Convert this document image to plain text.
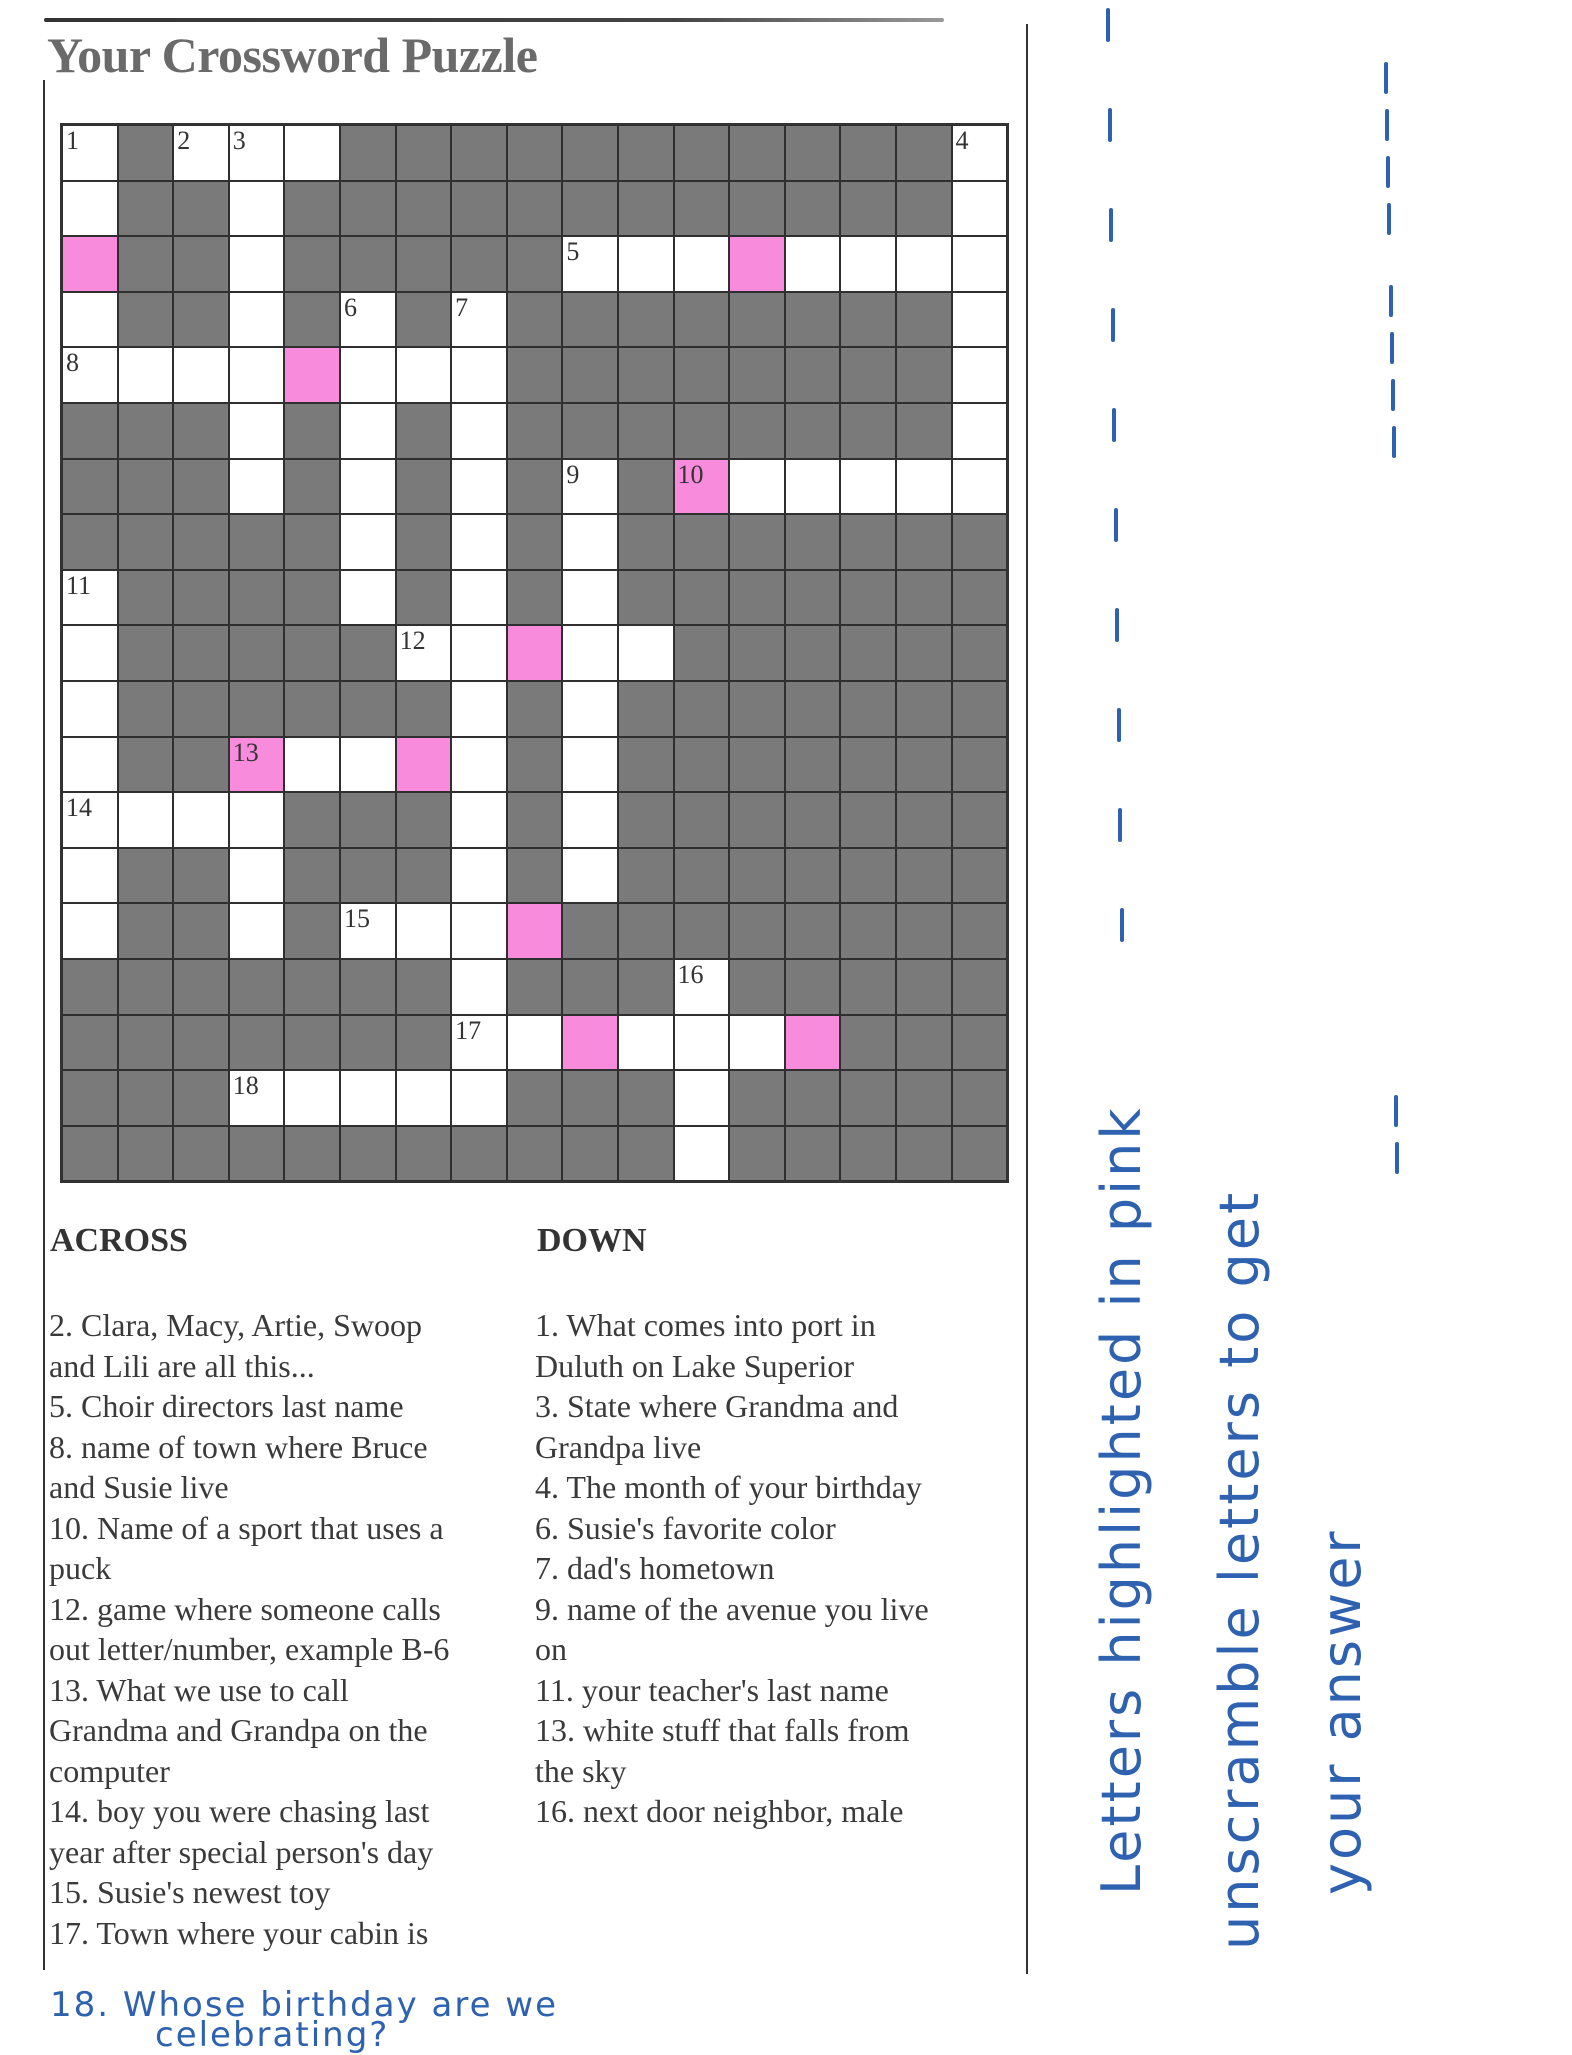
Your Crossword Puzzle
1	2 3	4
5
6	7
8
9	10
11
12
13
14
15
16
17
18
ACROSS	DOWN
2. Clara, Macy, Artie, Swoop
and Lili are all this...
5. Choir directors last name
8. name of town where Bruce
and Susie live
10. Name of a sport that uses a
puck
12. game where someone calls
out letter/number, example B-6
13. What we use to call
Grandma and Grandpa on the
computer
14. boy you were chasing last
year after special person's day
15. Susie's newest toy
17. Town where your cabin is
1. What comes into port in
Duluth on Lake Superior
3. State where Grandma and
Grandpa live
4. The month of your birthday
6. Susie's favorite color
7. dad's hometown
9. name of the avenue you live
on
11. your teacher's last name
13. white stuff that falls from
the sky
16. next door neighbor, male
18. Whose birthday are we
celebrating?
Letters highlighted in pink unscramble letters to get your answer
